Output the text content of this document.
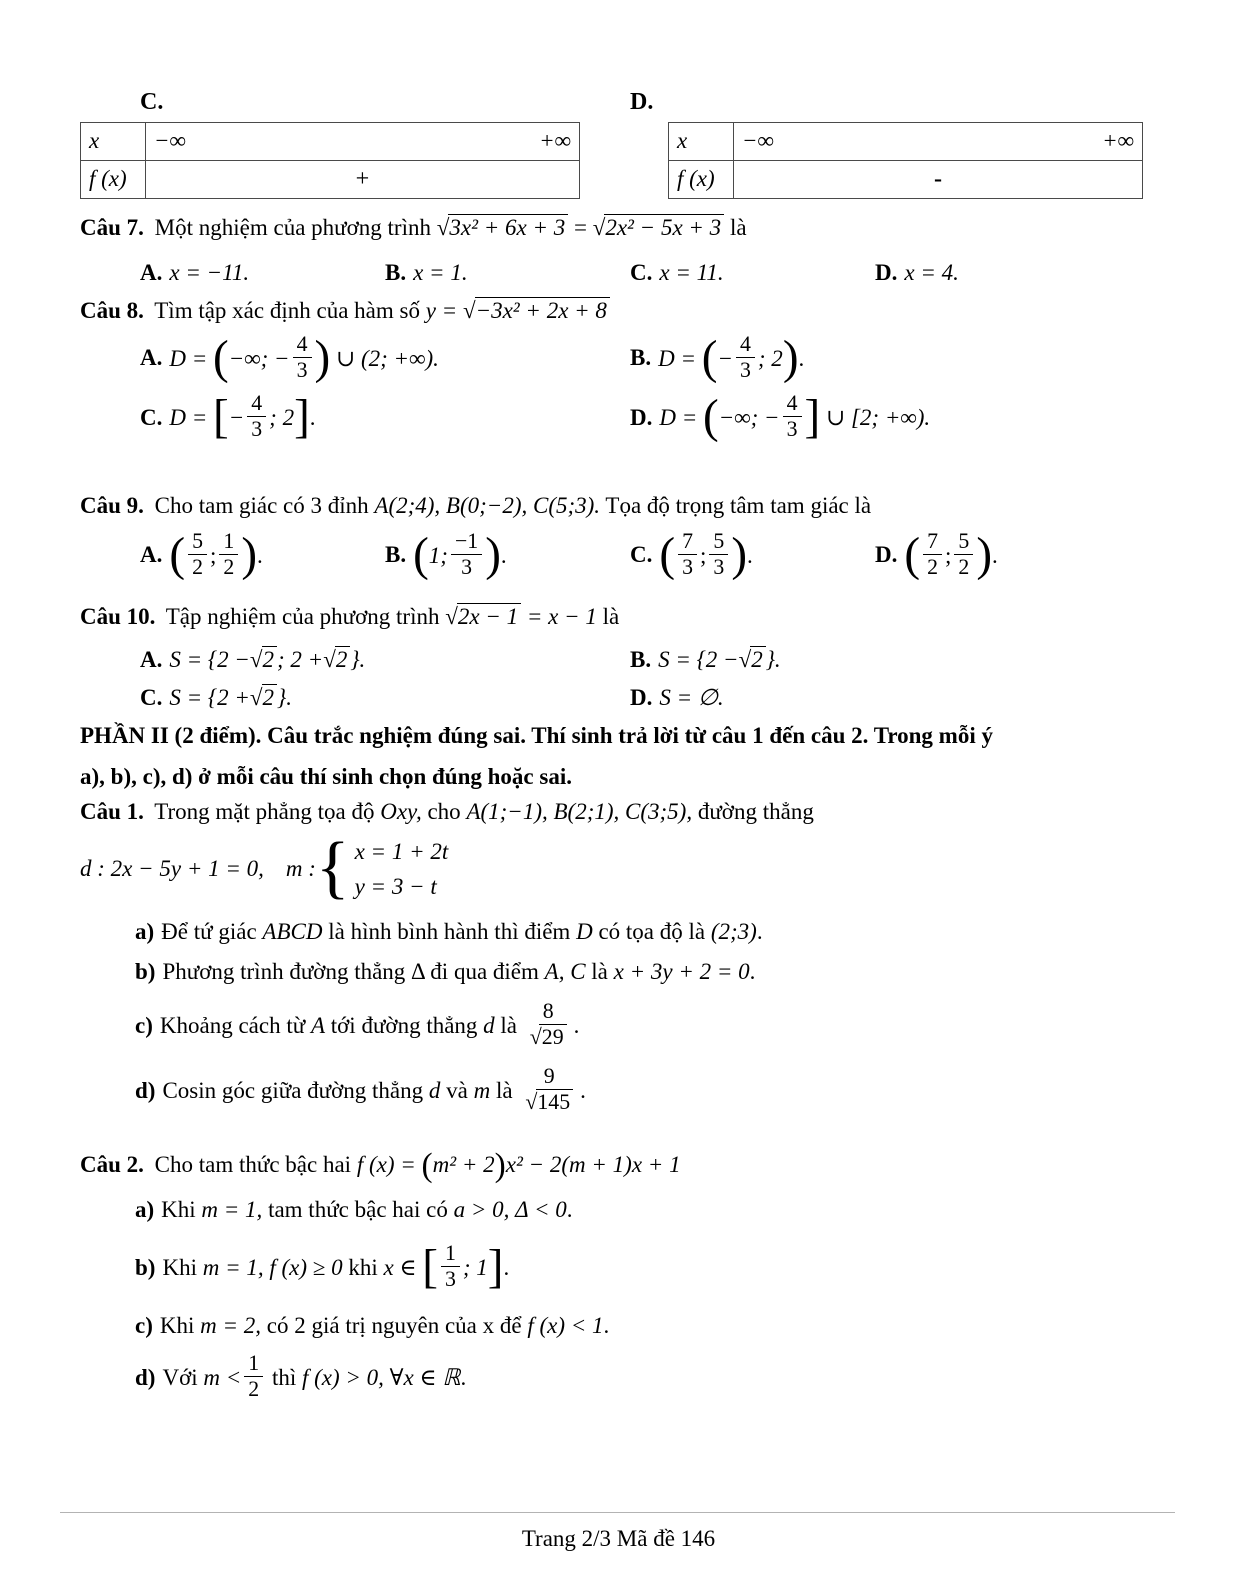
C.
x	−∞ +∞

f (x)	+
D.
x	−∞ +∞

f (x)	-
Câu 7. Một nghiệm của phương trình √3x² + 6x + 3 = √2x² − 5x + 3 là
A. x = −11.	B. x = 1.	C. x = 11.	D. x = 4.
Câu 8. Tìm tập xác định của hàm số y = √−3x² + 2x + 8
A. D = (−∞; − $\frac{4}{3}$ ) ∪ (2; +∞).	B. D = (− $\frac{4}{3}$ ; 2).
C. D = [− $\frac{4}{3}$ ; 2].	D. D = (−∞; − $\frac{4}{3}$ ] ∪ [2; +∞).
Câu 9. Cho tam giác có 3 đỉnh A(2;4), B(0;−2), C(5;3). Tọa độ trọng tâm tam giác là
A. ( $\frac{5}{2}$ ; $\frac{1}{2}$ ).	B. (1; $\frac{-1}{3}$ ).	C. ( $\frac{7}{3}$ ; $\frac{5}{3}$ ).	D. ( $\frac{7}{2}$ ; $\frac{5}{2}$ ).
Câu 10. Tập nghiệm của phương trình √2x − 1 = x − 1 là
A. S = {2 −√2 ; 2 +√2 }.	B. S = {2 −√2 }.
C. S = {2 +√2 }.	D. S = ∅.
PHẦN II (2 điểm). Câu trắc nghiệm đúng sai. Thí sinh trả lời từ câu 1 đến câu 2. Trong mỗi ý
a), b), c), d) ở mỗi câu thí sinh chọn đúng hoặc sai.
Câu 1. Trong mặt phẳng tọa độ Oxy, cho A(1;−1), B(2;1), C(3;5), đường thẳng
d : 2x − 5y + 1 = 0, m : { x = 1 + 2t
y = 3 − t
a) Để tứ giác ABCD là hình bình hành thì điểm D có tọa độ là (2;3).
b) Phương trình đường thẳng Δ đi qua điểm A, C là x + 3y + 2 = 0.
c) Khoảng cách từ A tới đường thẳng d là $\frac{8}{√29}$ .
d) Cosin góc giữa đường thẳng d và m là $\frac{9}{√145}$ .
Câu 2. Cho tam thức bậc hai f (x) = (m² + 2)x² − 2(m + 1)x + 1
a) Khi m = 1, tam thức bậc hai có a > 0, Δ < 0.
b) Khi m = 1, f (x) ≥ 0 khi x ∈ [ $\frac{1}{3}$ ; 1].
c) Khi m = 2, có 2 giá trị nguyên của x để f (x) < 1.
d) Với $m < \frac{1}{2}$ thì f (x) > 0, ∀x ∈ ℝ.
Trang 2/3 Mã đề 146
